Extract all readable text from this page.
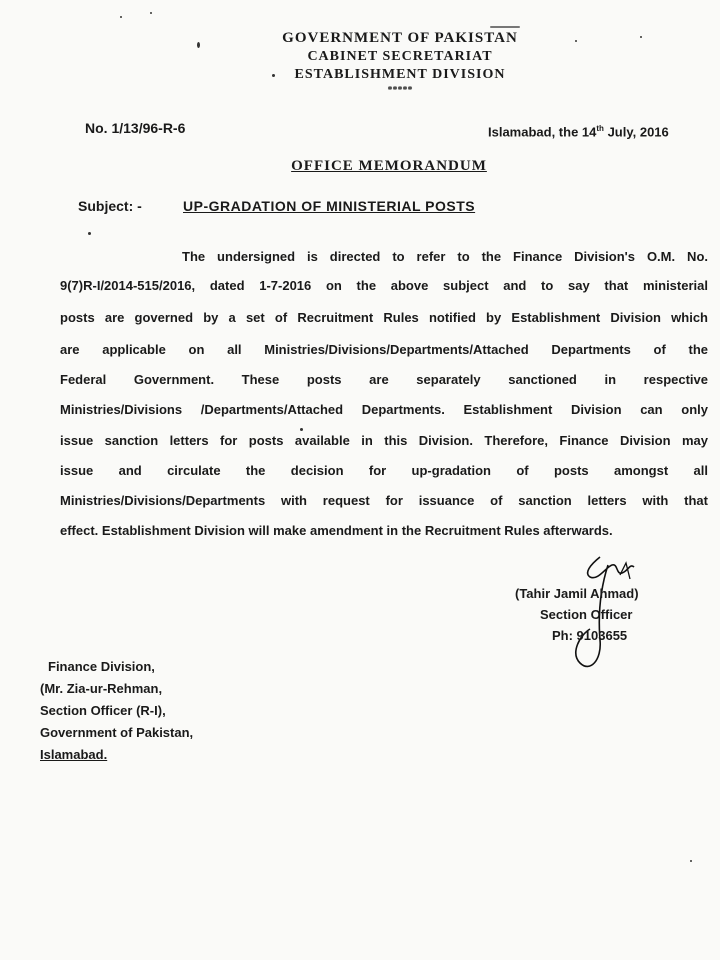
GOVERNMENT OF PAKISTAN
CABINET SECRETARIAT
ESTABLISHMENT DIVISION
*****
No. 1/13/96-R-6	Islamabad, the 14th July, 2016
OFFICE MEMORANDUM
Subject: -	UP-GRADATION OF MINISTERIAL POSTS
The undersigned is directed to refer to the Finance Division's O.M. No.
9(7)R-I/2014-515/2016, dated 1-7-2016 on the above subject and to say that ministerial
posts are governed by a set of Recruitment Rules notified by Establishment Division which
are applicable on all Ministries/Divisions/Departments/Attached Departments of the
Federal Government. These posts are separately sanctioned in respective
Ministries/Divisions /Departments/Attached Departments. Establishment Division can only
issue sanction letters for posts available in this Division. Therefore, Finance Division may
issue and circulate the decision for up-gradation of posts amongst all
Ministries/Divisions/Departments with request for issuance of sanction letters with that
effect. Establishment Division will make amendment in the Recruitment Rules afterwards.
(Tahir Jamil Ahmad)
Section Officer
Ph: 9103655
Finance Division,
(Mr. Zia-ur-Rehman,
Section Officer (R-I),
Government of Pakistan,
Islamabad.
